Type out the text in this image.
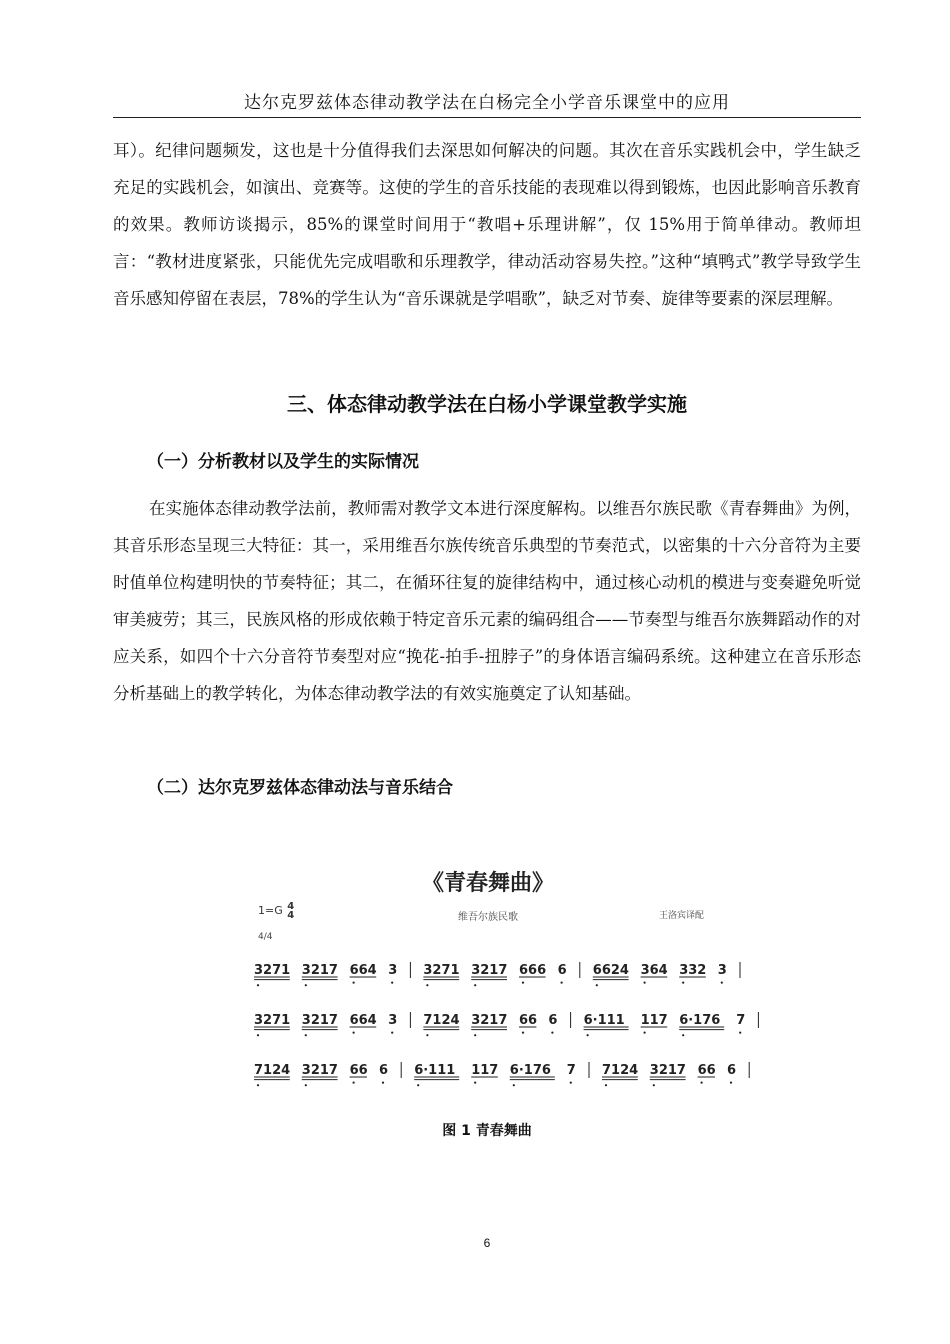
达尔克罗兹体态律动教学法在白杨完全小学音乐课堂中的应用

耳）。纪律问题频发，这也是十分值得我们去深思如何解决的问题。其次在音乐实践机会中，学生缺乏充足的实践机会，如演出、竞赛等。这使的学生的音乐技能的表现难以得到锻炼，也因此影响音乐教育的效果。教师访谈揭示，85%的课堂时间用于“教唱+乐理讲解”，仅 15%用于简单律动。教师坦言：“教材进度紧张，只能优先完成唱歌和乐理教学，律动活动容易失控。”这种“填鸭式”教学导致学生音乐感知停留在表层，78%的学生认为“音乐课就是学唱歌”，缺乏对节奏、旋律等要素的深层理解。

三、体态律动教学法在白杨小学课堂教学实施
（一）分析教材以及学生的实际情况

在实施体态律动教学法前，教师需对教学文本进行深度解构。以维吾尔族民歌《青春舞曲》为例，其音乐形态呈现三大特征：其一，采用维吾尔族传统音乐典型的节奏范式，以密集的十六分音符为主要时值单位构建明快的节奏特征；其二，在循环往复的旋律结构中，通过核心动机的模进与变奏避免听觉审美疲劳；其三，民族风格的形成依赖于特定音乐元素的编码组合——节奏型与维吾尔族舞蹈动作的对应关系，如四个十六分音符节奏型对应“挽花-拍手-扭脖子”的身体语言编码系统。这种建立在音乐形态分析基础上的教学转化，为体态律动教学法的有效实施奠定了认知基础。

（二）达尔克罗兹体态律动法与音乐结合
《青春舞曲》
1=G 4
4	维吾尔族民歌	王洛宾译配
4/4
3271 3217 664 3 3271 3217 666 6 6624 364 332 3
3271 3217 664 3 7124 3217 66 6 6·111 117 6·176 7
7124 3217 66 6 6·111 117 6·176 7 7124 3217 66 6
图 1 青春舞曲
6
